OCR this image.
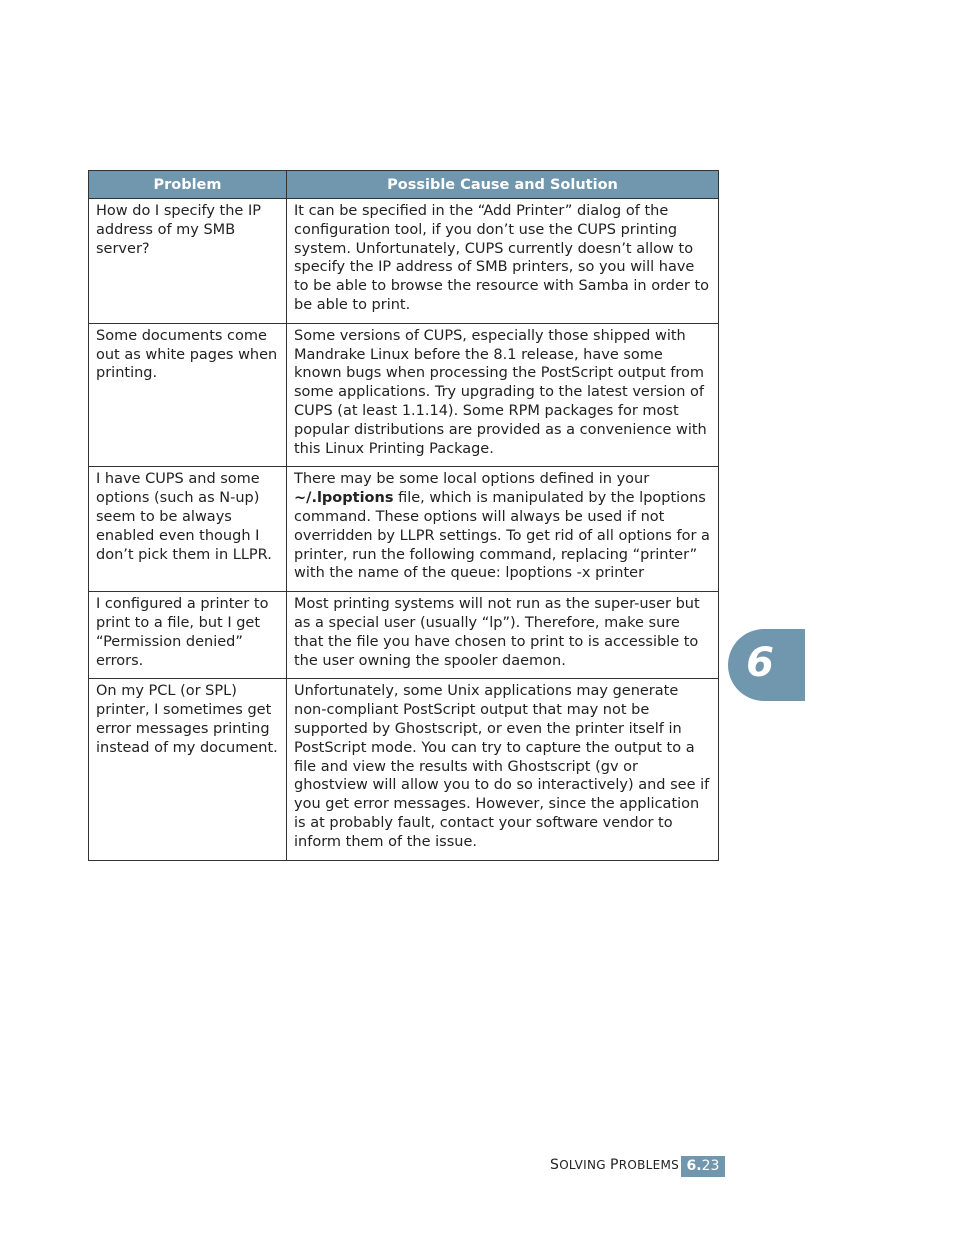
Problem	Possible Cause and Solution
How do I specify the IP address of my SMB server?	It can be specified in the “Add Printer” dialog of the configuration tool, if you don’t use the CUPS printing system. Unfortunately, CUPS currently doesn’t allow to specify the IP address of SMB printers, so you will have to be able to browse the resource with Samba in order to be able to print.
Some documents come out as white pages when printing.	Some versions of CUPS, especially those shipped with Mandrake Linux before the 8.1 release, have some known bugs when processing the PostScript output from some applications. Try upgrading to the latest version of CUPS (at least 1.1.14). Some RPM packages for most popular distributions are provided as a convenience with this Linux Printing Package.
I have CUPS and some options (such as N-up) seem to be always enabled even though I don’t pick them in LLPR.	There may be some local options defined in your ~/.lpoptions file, which is manipulated by the lpoptions command. These options will always be used if not overridden by LLPR settings. To get rid of all options for a printer, run the following command, replacing “printer” with the name of the queue: lpoptions -x printer
I configured a printer to print to a file, but I get “Permission denied” errors.	Most printing systems will not run as the super-user but as a special user (usually “lp”). Therefore, make sure that the file you have chosen to print to is accessible to the user owning the spooler daemon.
On my PCL (or SPL) printer, I sometimes get error messages printing instead of my document.	Unfortunately, some Unix applications may generate non-compliant PostScript output that may not be supported by Ghostscript, or even the printer itself in PostScript mode. You can try to capture the output to a file and view the results with Ghostscript (gv or ghostview will allow you to do so interactively) and see if you get error messages. However, since the application is at probably fault, contact your software vendor to inform them of the issue.
6
SOLVING PROBLEMS 6.23
